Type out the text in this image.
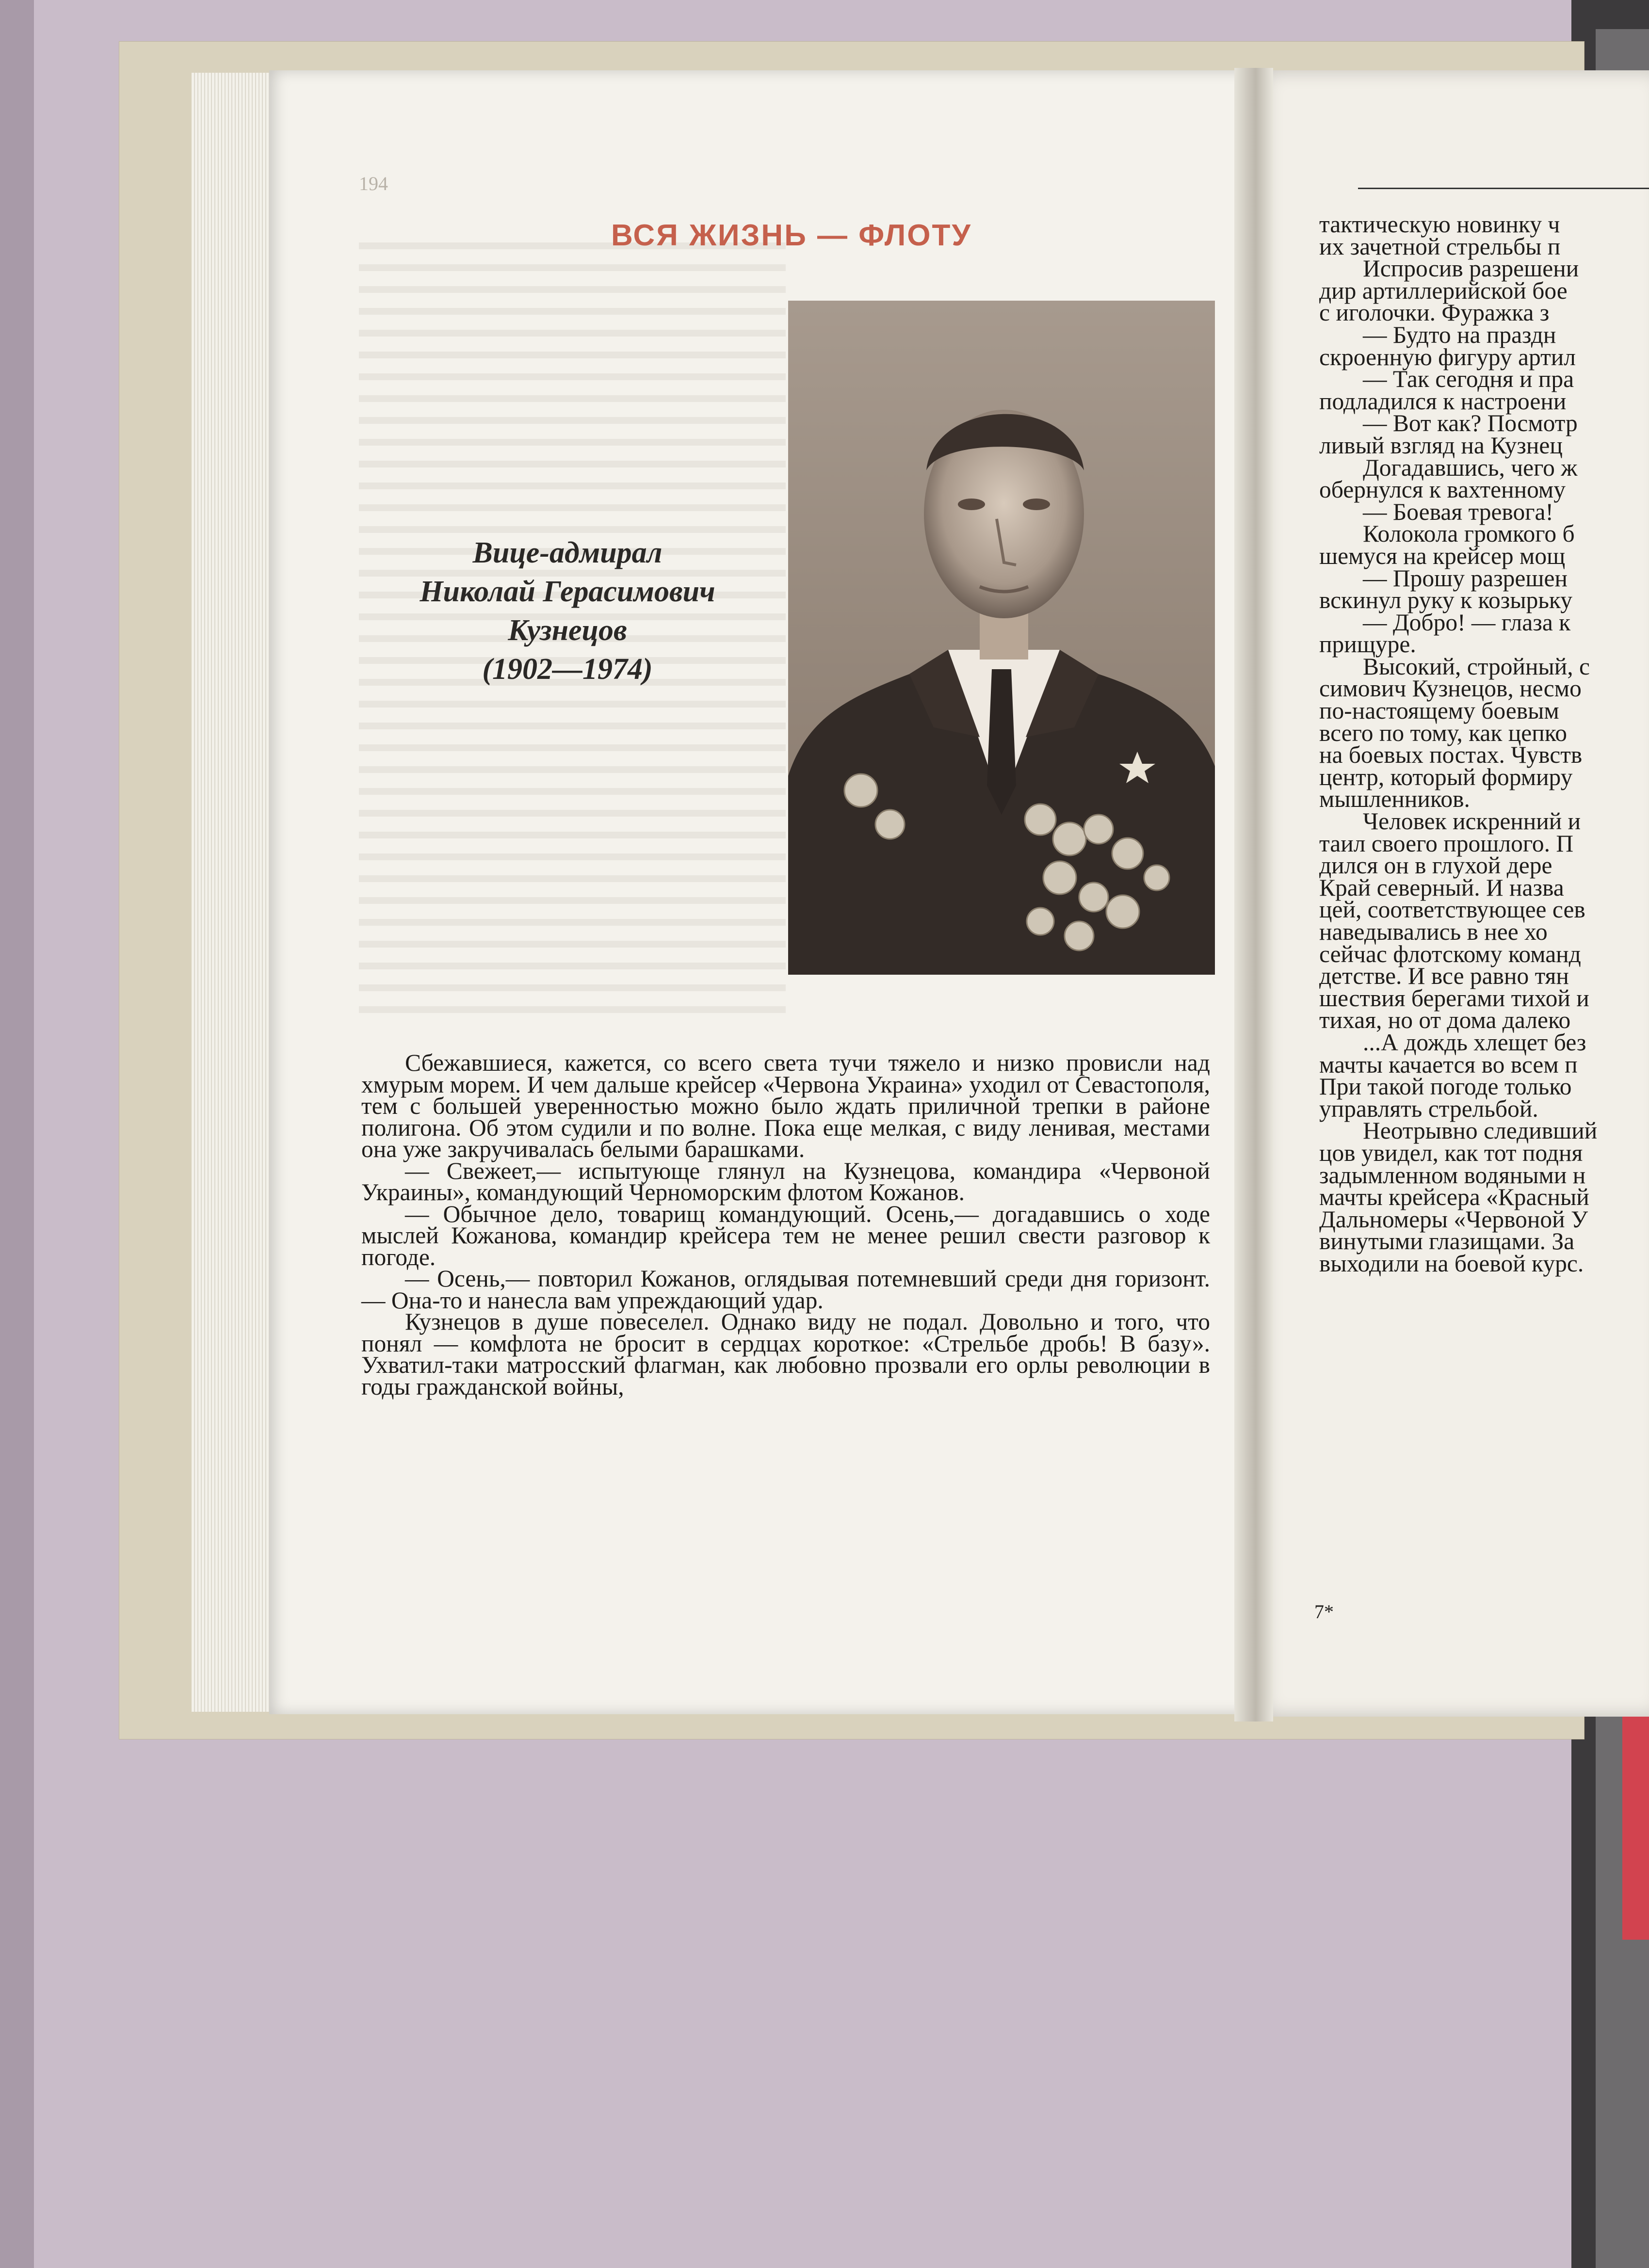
194
ВСЯ ЖИЗНЬ — ФЛОТУ
Вице-адмирал
Николай Герасимович
Кузнецов
(1902—1974)

Сбежавшиеся, кажется, со всего света тучи тяжело и низко провисли над хмурым морем. И чем дальше крейсер «Червона Украина» уходил от Севастополя, тем с большей уверенностью можно было ждать приличной трепки в районе полигона. Об этом судили и по волне. Пока еще мелкая, с виду ленивая, местами она уже закручивалась белыми барашками.

— Свежеет,— испытующе глянул на Кузнецова, командира «Червоной Украины», командующий Черноморским флотом Кожанов.

— Обычное дело, товарищ командующий. Осень,— догадавшись о ходе мыслей Кожанова, командир крейсера тем не менее решил свести разговор к погоде.

— Осень,— повторил Кожанов, оглядывая потемневший среди дня горизонт.— Она-то и нанесла вам упреждающий удар.

Кузнецов в душе повеселел. Однако виду не подал. Довольно и того, что понял — комфлота не бросит в сердцах короткое: «Стрельбе дробь! В базу». Ухватил-таки матросский флагман, как любовно прозвали его орлы революции в годы гражданской войны,

тактическую новинку ч
их зачетной стрельбы п
Испросив разрешени
дир артиллерийской бое
с иголочки. Фуражка з
— Будто на праздн
скроенную фигуру артил
— Так сегодня и пра
подладился к настроени
— Вот как? Посмотр
ливый взгляд на Кузнец
Догадавшись, чего ж
обернулся к вахтенному
— Боевая тревога!
Колокола громкого б
шемуся на крейсер мощ
— Прошу разрешен
вскинул руку к козырьку
— Добро! — глаза к
прищуре.
Высокий, стройный, с
симович Кузнецов, несмо
по-настоящему боевым
всего по тому, как цепко
на боевых постах. Чувств
центр, который формиру
мышленников.
Человек искренний и
таил своего прошлого. П
дился он в глухой дере
Край северный. И назва
цей, соответствующее сев
наведывались в нее хо
сейчас флотскому команд
детстве. И все равно тян
шествия берегами тихой и
тихая, но от дома далеко
...А дождь хлещет без
мачты качается во всем п
При такой погоде только
управлять стрельбой.
Неотрывно следивший
цов увидел, как тот подня
задымленном водяными н
мачты крейсера «Красный
Дальномеры «Червоной У
винутыми глазищами. За
выходили на боевой курс.
7*
